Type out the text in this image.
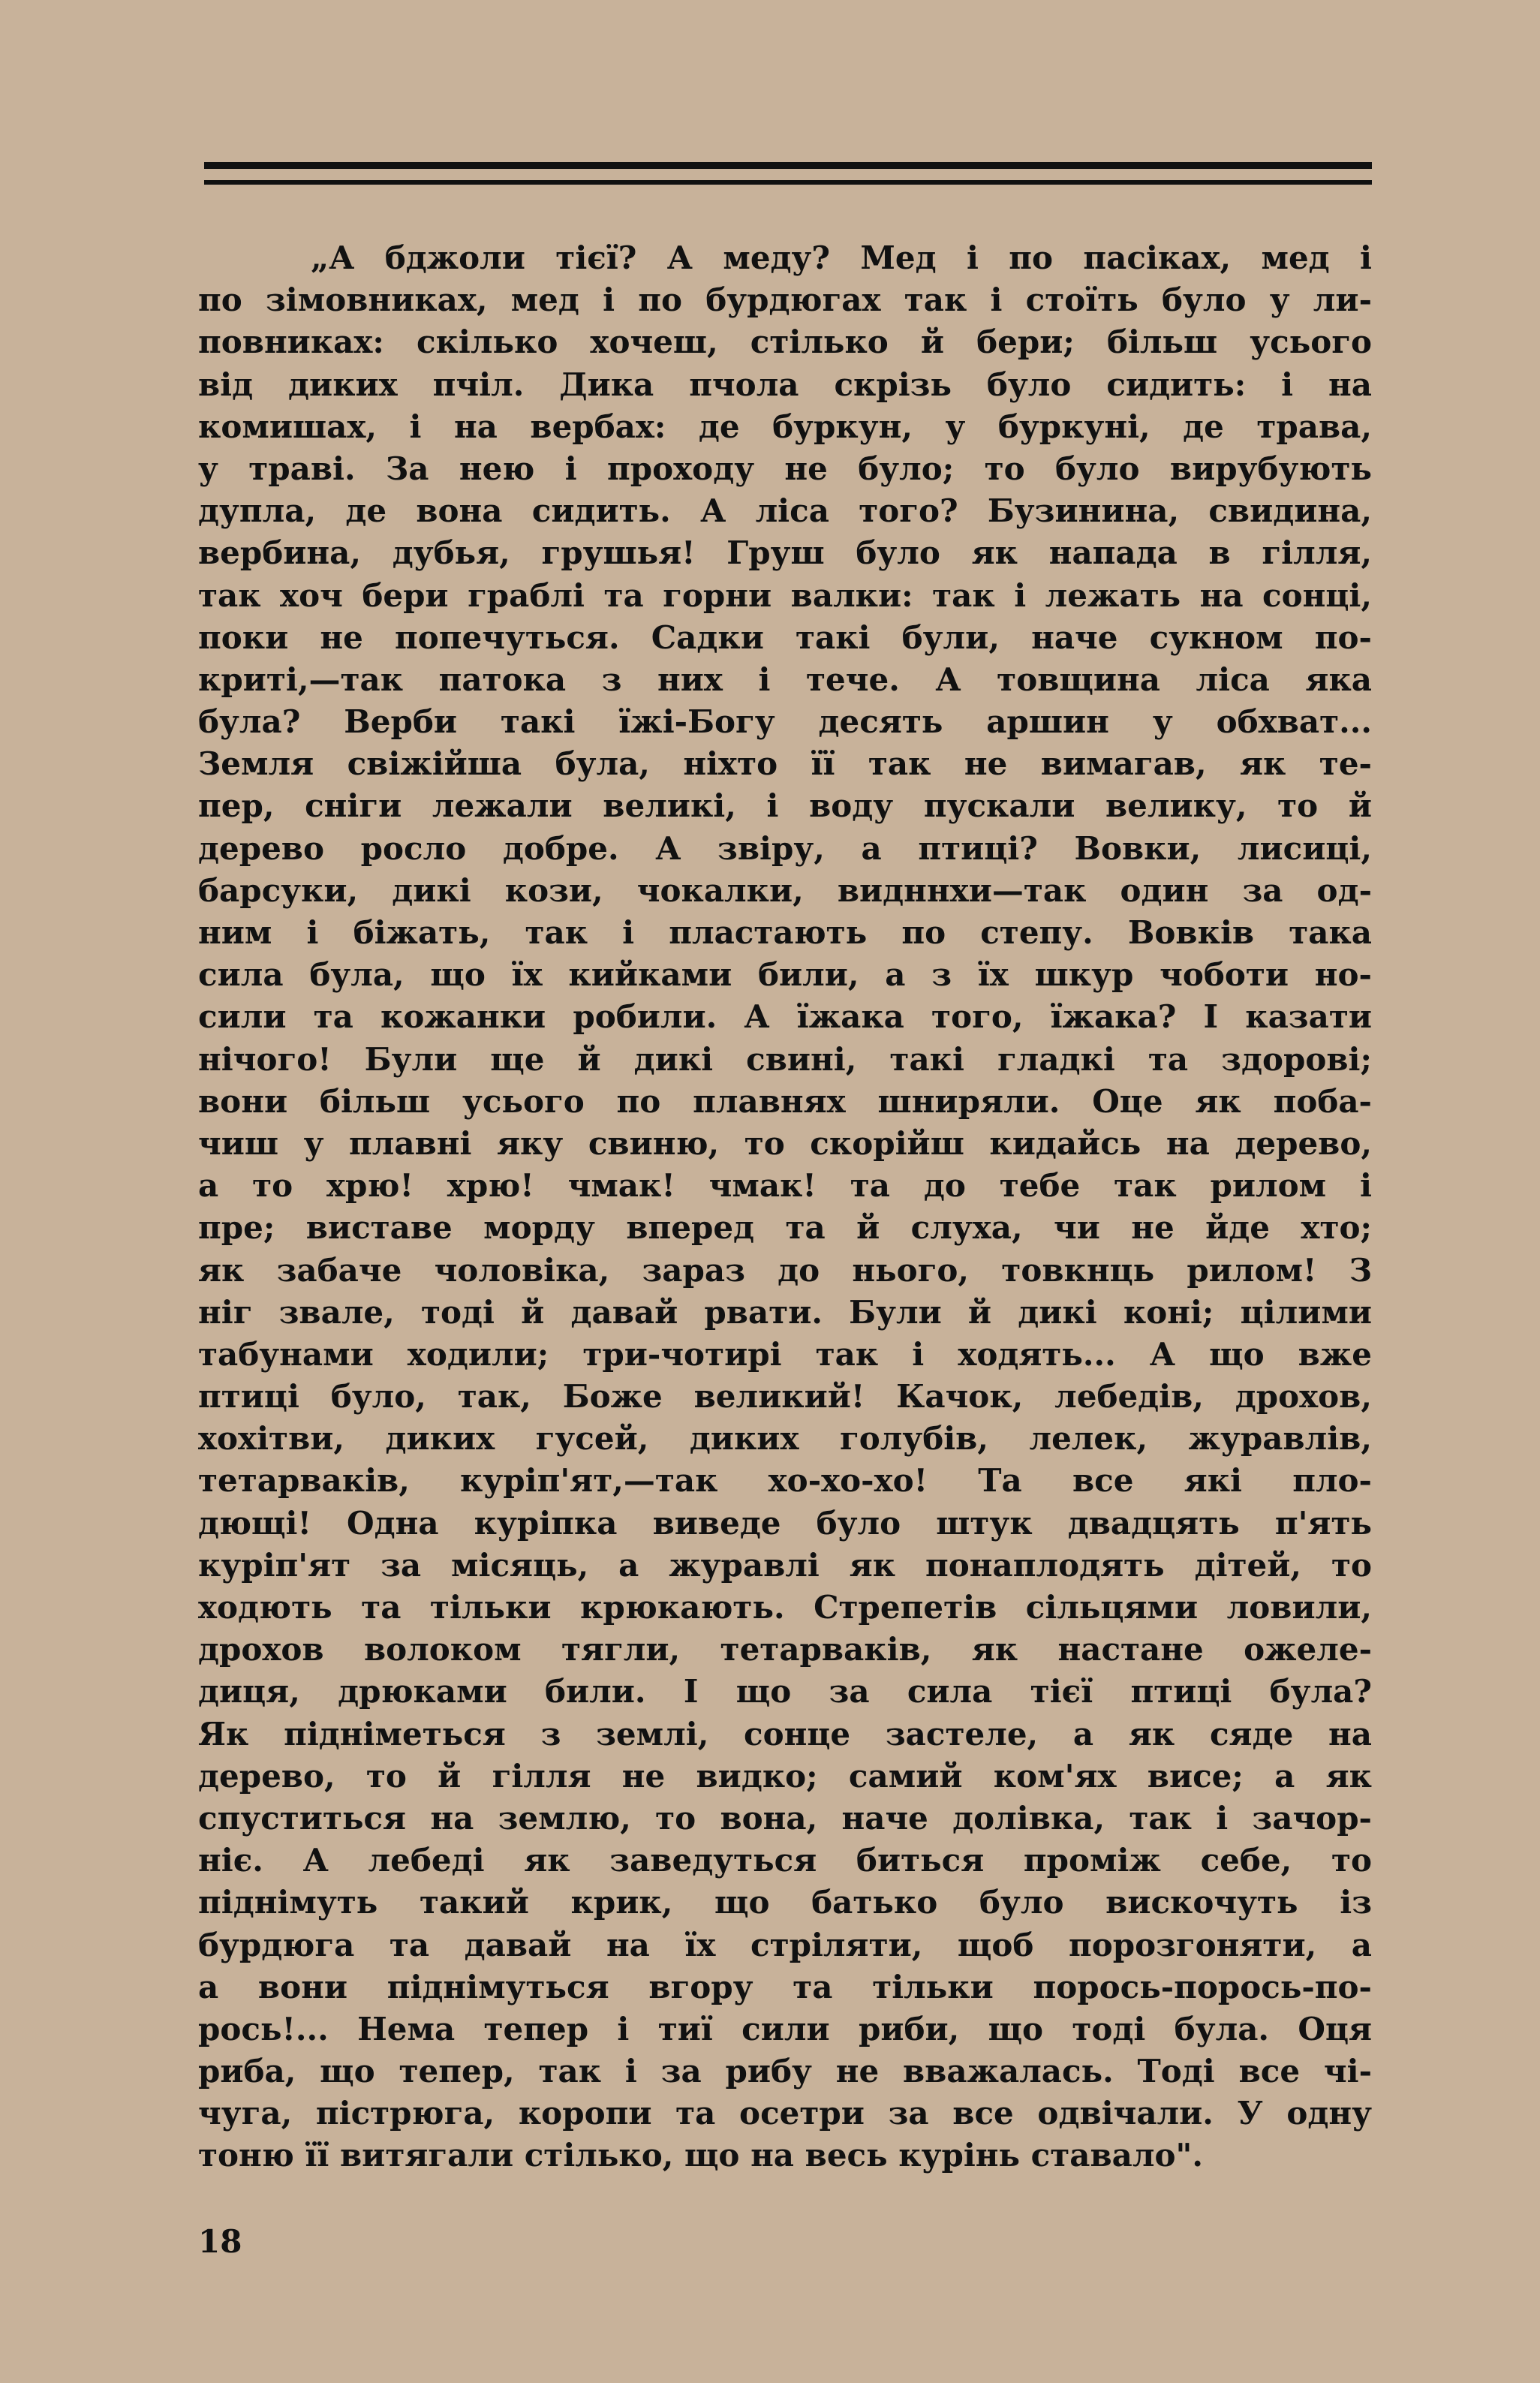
„А бджоли тієї? А меду? Мед і по пасіках, мед і
по зімовниках, мед і по бурдюгах так і стоїть було у ли-
повниках: скілько хочеш, стілько й бери; більш усього
від диких пчіл. Дика пчола скрізь було сидить: і на
комишах, і на вербах: де буркун, у буркуні, де трава,
у траві. За нею і проходу не було; то було вирубують
дупла, де вона сидить. А ліса того? Бузинина, свидина,
вербина, дубья, грушья! Груш було як напада в гілля,
так хоч бери граблі та горни валки: так і лежать на сонці,
поки не попечуться. Садки такі були, наче сукном по-
криті,—так патока з них і тече. А товщина ліса яка
була? Верби такі їжі-Богу десять аршин у обхват...
Земля свіжійша була, ніхто її так не вимагав, як те-
пер, сніги лежали великі, і воду пускали велику, то й
дерево росло добре. А звіру, а птиці? Вовки, лисиці,
барсуки, дикі кози, чокалки, видннхи—так один за од-
ним і біжать, так і пластають по степу. Вовків така
сила була, що їх кийками били, а з їх шкур чоботи но-
сили та кожанки робили. А їжака того, їжака? І казати
нічого! Були ще й дикі свині, такі гладкі та здорові;
вони більш усього по плавнях шниряли. Оце як поба-
чиш у плавні яку свиню, то скорійш кидайсь на дерево,
а то хрю! хрю! чмак! чмак! та до тебе так рилом і
пре; виставе морду вперед та й слуха, чи не йде хто;
як забаче чоловіка, зараз до нього, товкнць рилом! З
ніг звале, тоді й давай рвати. Були й дикі коні; цілими
табунами ходили; три-чотирі так і ходять... А що вже
птиці було, так, Боже великий! Качок, лебедів, дрохов,
хохітви, диких гусей, диких голубів, лелек, журавлів,
тетарваків, куріп'ят,—так хо-хо-хо! Та все які пло-
дющі! Одна куріпка виведе було штук двадцять п'ять
куріп'ят за місяць, а журавлі як понаплодять дітей, то
ходють та тільки крюкають. Стрепетів сільцями ловили,
дрохов волоком тягли, тетарваків, як настане ожеле-
диця, дрюками били. І що за сила тієї птиці була?
Як підніметься з землі, сонце застеле, а як сяде на
дерево, то й гілля не видко; самий ком'ях висе; а як
спуститься на землю, то вона, наче долівка, так і зачор-
ніє. А лебеді як заведуться биться проміж себе, то
піднімуть такий крик, що батько було вискочуть із
бурдюга та давай на їх стріляти, щоб порозгоняти, а
а вони піднімуться вгору та тільки порось-порось-по-
рось!... Нема тепер і тиї сили риби, що тоді була. Оця
риба, що тепер, так і за рибу не вважалась. Тоді все чі-
чуга, пістрюга, коропи та осетри за все одвічали. У одну
тоню її витягали стілько, що на весь курінь ставало".
18
